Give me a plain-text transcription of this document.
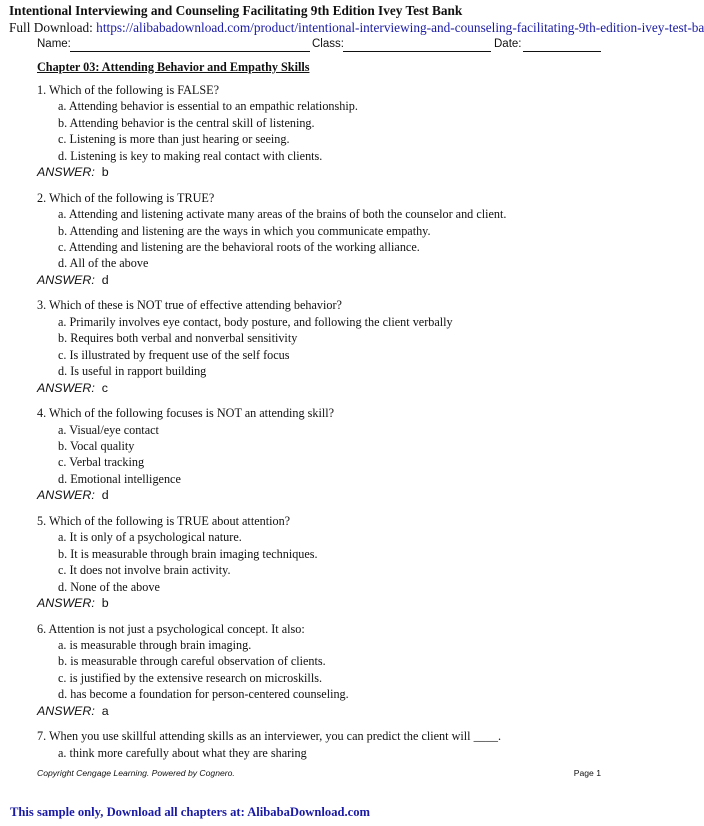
Intentional Interviewing and Counseling Facilitating 9th Edition Ivey Test Bank
Full Download: https://alibabadownload.com/product/intentional-interviewing-and-counseling-facilitating-9th-edition-ivey-test-ba
Name:	Class:	Date:
Chapter 03: Attending Behavior and Empathy Skills
1. Which of the following is FALSE?
a. Attending behavior is essential to an empathic relationship.
b. Attending behavior is the central skill of listening.
c. Listening is more than just hearing or seeing.
d. Listening is key to making real contact with clients.
ANSWER: b
2. Which of the following is TRUE?
a. Attending and listening activate many areas of the brains of both the counselor and client.
b. Attending and listening are the ways in which you communicate empathy.
c. Attending and listening are the behavioral roots of the working alliance.
d. All of the above
ANSWER: d
3. Which of these is NOT true of effective attending behavior?
a. Primarily involves eye contact, body posture, and following the client verbally
b. Requires both verbal and nonverbal sensitivity
c. Is illustrated by frequent use of the self focus
d. Is useful in rapport building
ANSWER: c
4. Which of the following focuses is NOT an attending skill?
a. Visual/eye contact
b. Vocal quality
c. Verbal tracking
d. Emotional intelligence
ANSWER: d
5. Which of the following is TRUE about attention?
a. It is only of a psychological nature.
b. It is measurable through brain imaging techniques.
c. It does not involve brain activity.
d. None of the above
ANSWER: b
6. Attention is not just a psychological concept. It also:
a. is measurable through brain imaging.
b. is measurable through careful observation of clients.
c. is justified by the extensive research on microskills.
d. has become a foundation for person-centered counseling.
ANSWER: a
7. When you use skillful attending skills as an interviewer, you can predict the client will ____.
a. think more carefully about what they are sharing
Copyright Cengage Learning. Powered by Cognero.	Page 1
This sample only, Download all chapters at: AlibabaDownload.com
